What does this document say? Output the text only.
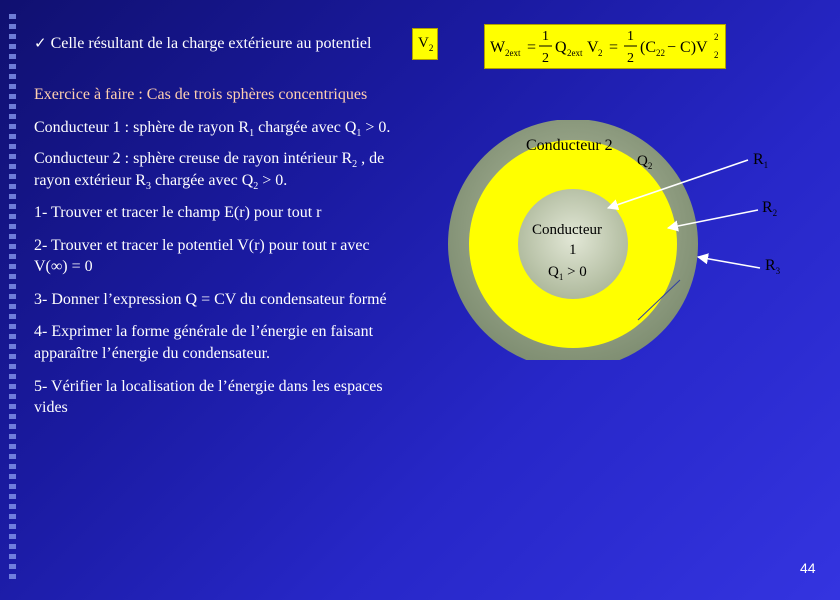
✓ Celle résultant de la charge extérieure au potentiel	$V_2$	W 2ext =
1
2
Q 2ext V 2 =
1
2
(C 22 − C)V
2
2
Exercice à faire : Cas de trois sphères concentriques
Conducteur 1 : sphère de rayon $R_1$ chargée avec $Q_1 > 0$.
Conducteur 2 : sphère creuse de rayon intérieur $R_2$ , de
rayon extérieur $R_3$ chargée avec $Q_2 > 0$.
1- Trouver et tracer le champ E(r) pour tout r
2- Trouver et tracer le potentiel V(r) pour tout r avec
V(∞) = 0
3- Donner l’expression Q = CV du condensateur formé
4- Exprimer la forme générale de l’énergie en faisant
apparaître l’énergie du condensateur.
5- Vérifier la localisation de l’énergie dans les espaces
vides
Conducteur 2
Conducteur
1
$Q_1 > 0$
$Q_2$	$R_1$
$R_2$
$R_3$
44
